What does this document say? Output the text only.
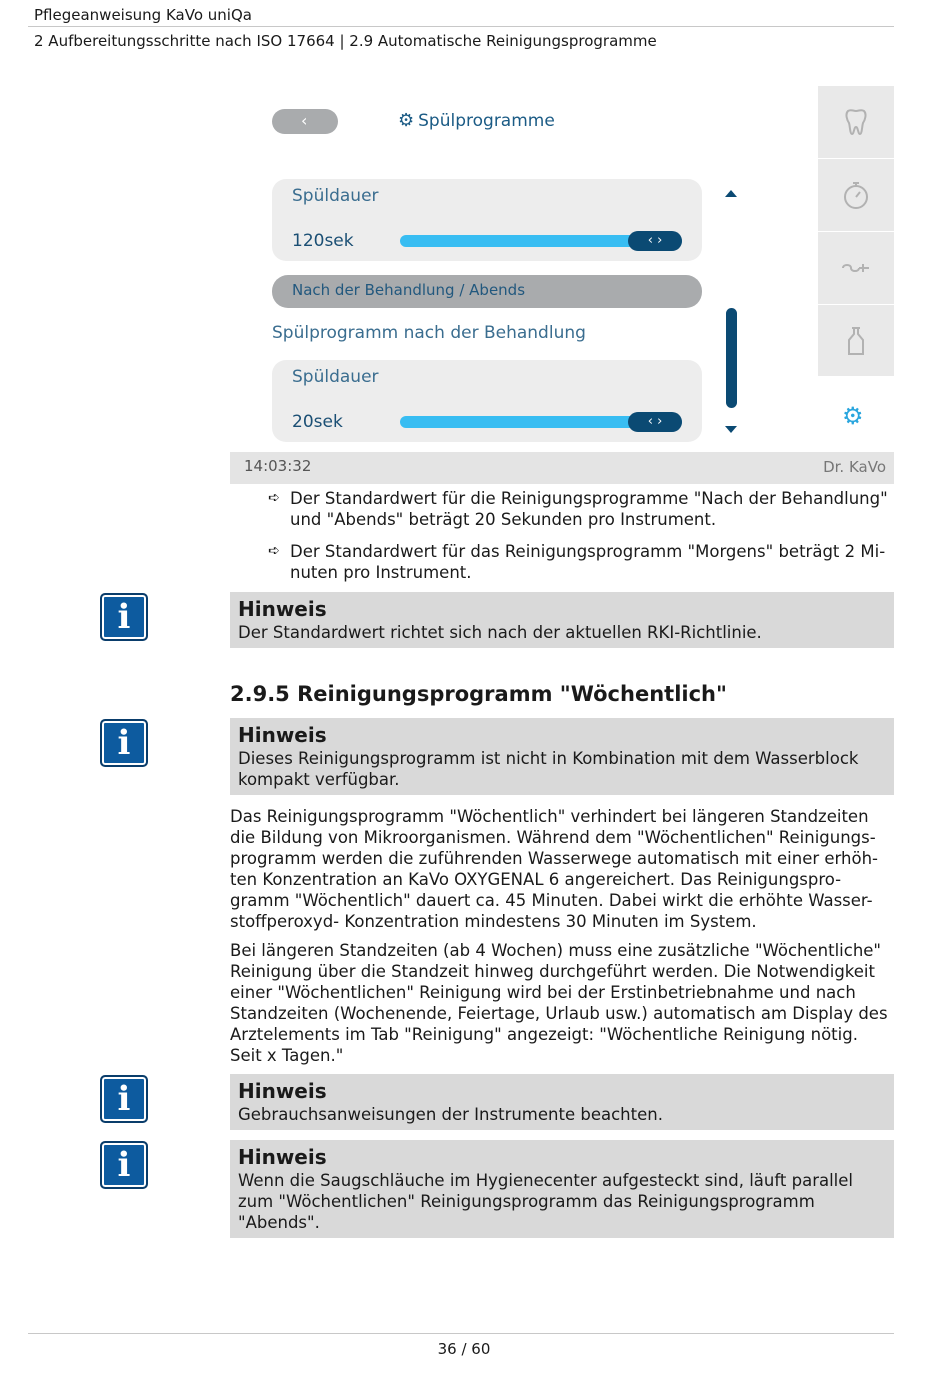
Pflegeanweisung KaVo uniQa
2 Aufbereitungsschritte nach ISO 17664 | 2.9 Automatische Reinigungsprogramme
‹	⚙ Spülprogramme
Spüldauer
120sek	‹ ›
Nach der Behandlung / Abends
Spülprogramm nach der Behandlung
Spüldauer
20sek	‹ ›	⚙
14:03:32	Dr. KaVo
➪ Der Standardwert für die Reinigungsprogramme "Nach der Behandlung" und "Abends" beträgt 20 Sekunden pro Instrument.
➪ Der Standardwert für das Reinigungsprogramm "Morgens" beträgt 2 Mi-nuten pro Instrument.
i	Hinweis
Der Standardwert richtet sich nach der aktuellen RKI-Richtlinie.
2.9.5 Reinigungsprogramm "Wöchentlich"
i	Hinweis
Dieses Reinigungsprogramm ist nicht in Kombination mit dem Wasserblock kompakt verfügbar.
Das Reinigungsprogramm "Wöchentlich" verhindert bei längeren Standzeiten die Bildung von Mikroorganismen. Während dem "Wöchentlichen" Reinigungs-programm werden die zuführenden Wasserwege automatisch mit einer erhöh-ten Konzentration an KaVo OXYGENAL 6 angereichert. Das Reinigungspro-gramm "Wöchentlich" dauert ca. 45 Minuten. Dabei wirkt die erhöhte Wasser-stoffperoxyd- Konzentration mindestens 30 Minuten im System.
Bei längeren Standzeiten (ab 4 Wochen) muss eine zusätzliche "Wöchentliche" Reinigung über die Standzeit hinweg durchgeführt werden. Die Notwendigkeit einer "Wöchentlichen" Reinigung wird bei der Erstinbetriebnahme und nach Standzeiten (Wochenende, Feiertage, Urlaub usw.) automatisch am Display des Arztelements im Tab "Reinigung" angezeigt: "Wöchentliche Reinigung nötig. Seit x Tagen."
i	Hinweis
Gebrauchsanweisungen der Instrumente beachten.
i	Hinweis
Wenn die Saugschläuche im Hygienecenter aufgesteckt sind, läuft parallel zum "Wöchentlichen" Reinigungsprogramm das Reinigungsprogramm "Abends".
36 / 60
